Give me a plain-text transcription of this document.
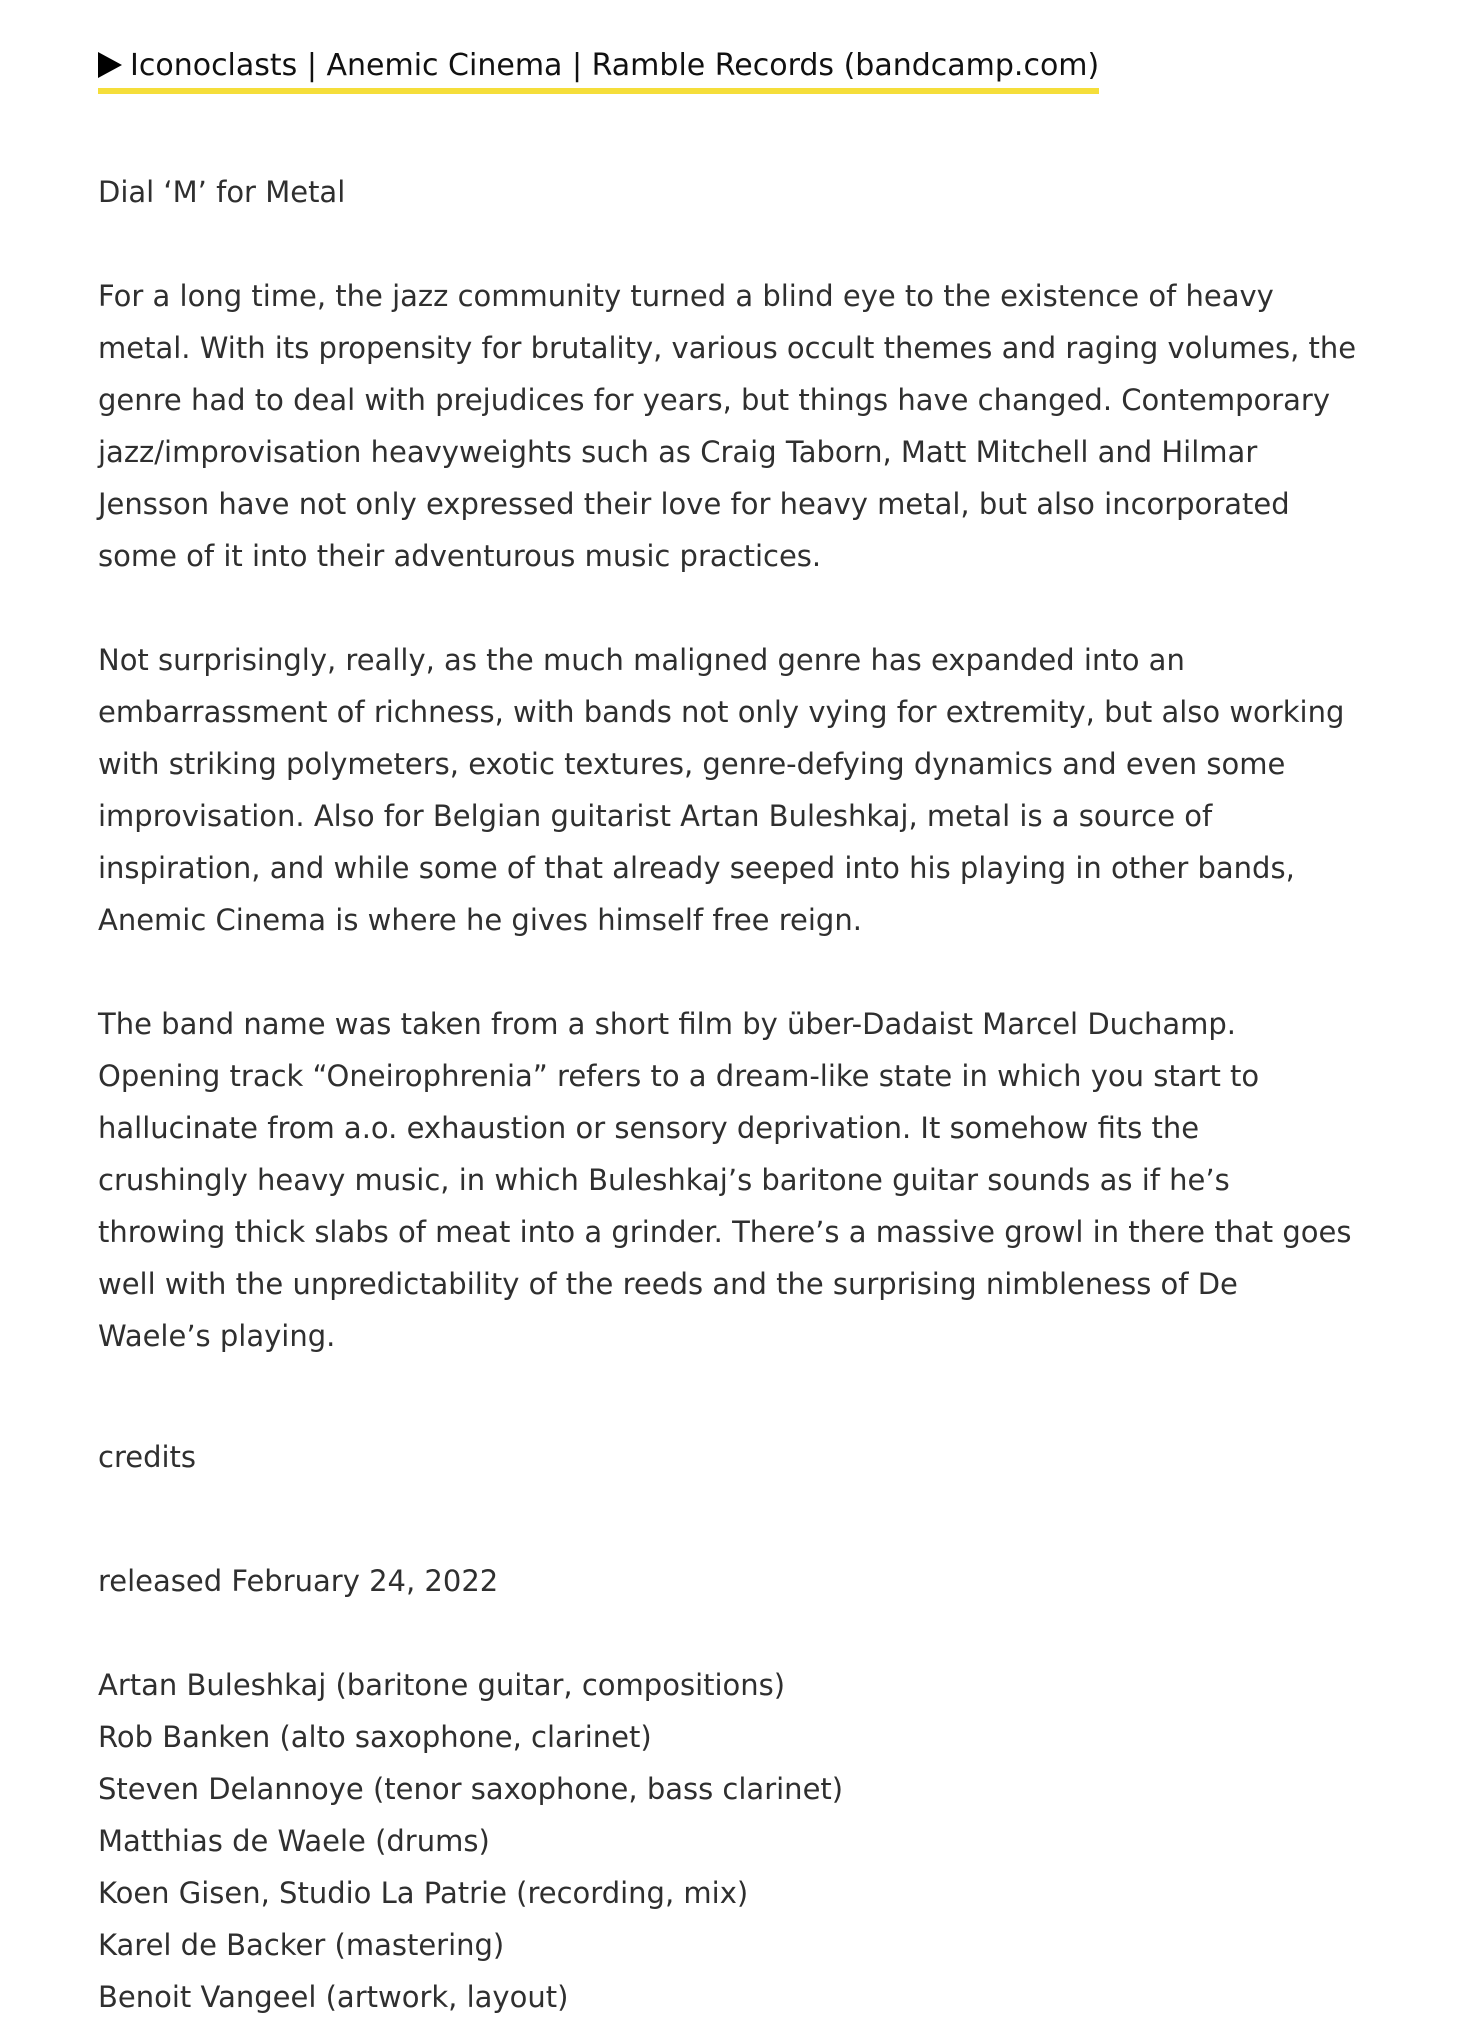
Iconoclasts | Anemic Cinema | Ramble Records (bandcamp.com)

Dial ‘M’ for Metal

For a long time, the jazz community turned a blind eye to the existence of heavy metal. With its propensity for brutality, various occult themes and raging volumes, the genre had to deal with prejudices for years, but things have changed. Contemporary jazz/improvisation heavyweights such as Craig Taborn, Matt Mitchell and Hilmar Jensson have not only expressed their love for heavy metal, but also incorporated some of it into their adventurous music practices.

Not surprisingly, really, as the much maligned genre has expanded into an embarrassment of richness, with bands not only vying for extremity, but also working with striking polymeters, exotic textures, genre-defying dynamics and even some improvisation. Also for Belgian guitarist Artan Buleshkaj, metal is a source of inspiration, and while some of that already seeped into his playing in other bands, Anemic Cinema is where he gives himself free reign.

The band name was taken from a short film by über-Dadaist Marcel Duchamp. Opening track “Oneirophrenia” refers to a dream-like state in which you start to hallucinate from a.o. exhaustion or sensory deprivation. It somehow fits the crushingly heavy music, in which Buleshkaj’s baritone guitar sounds as if he’s throwing thick slabs of meat into a grinder. There’s a massive growl in there that goes well with the unpredictability of the reeds and the surprising nimbleness of De Waele’s playing.

credits

released February 24, 2022

Artan Buleshkaj (baritone guitar, compositions)
Rob Banken (alto saxophone, clarinet)
Steven Delannoye (tenor saxophone, bass clarinet)
Matthias de Waele (drums)
Koen Gisen, Studio La Patrie (recording, mix)
Karel de Backer (mastering)
Benoit Vangeel (artwork, layout)
